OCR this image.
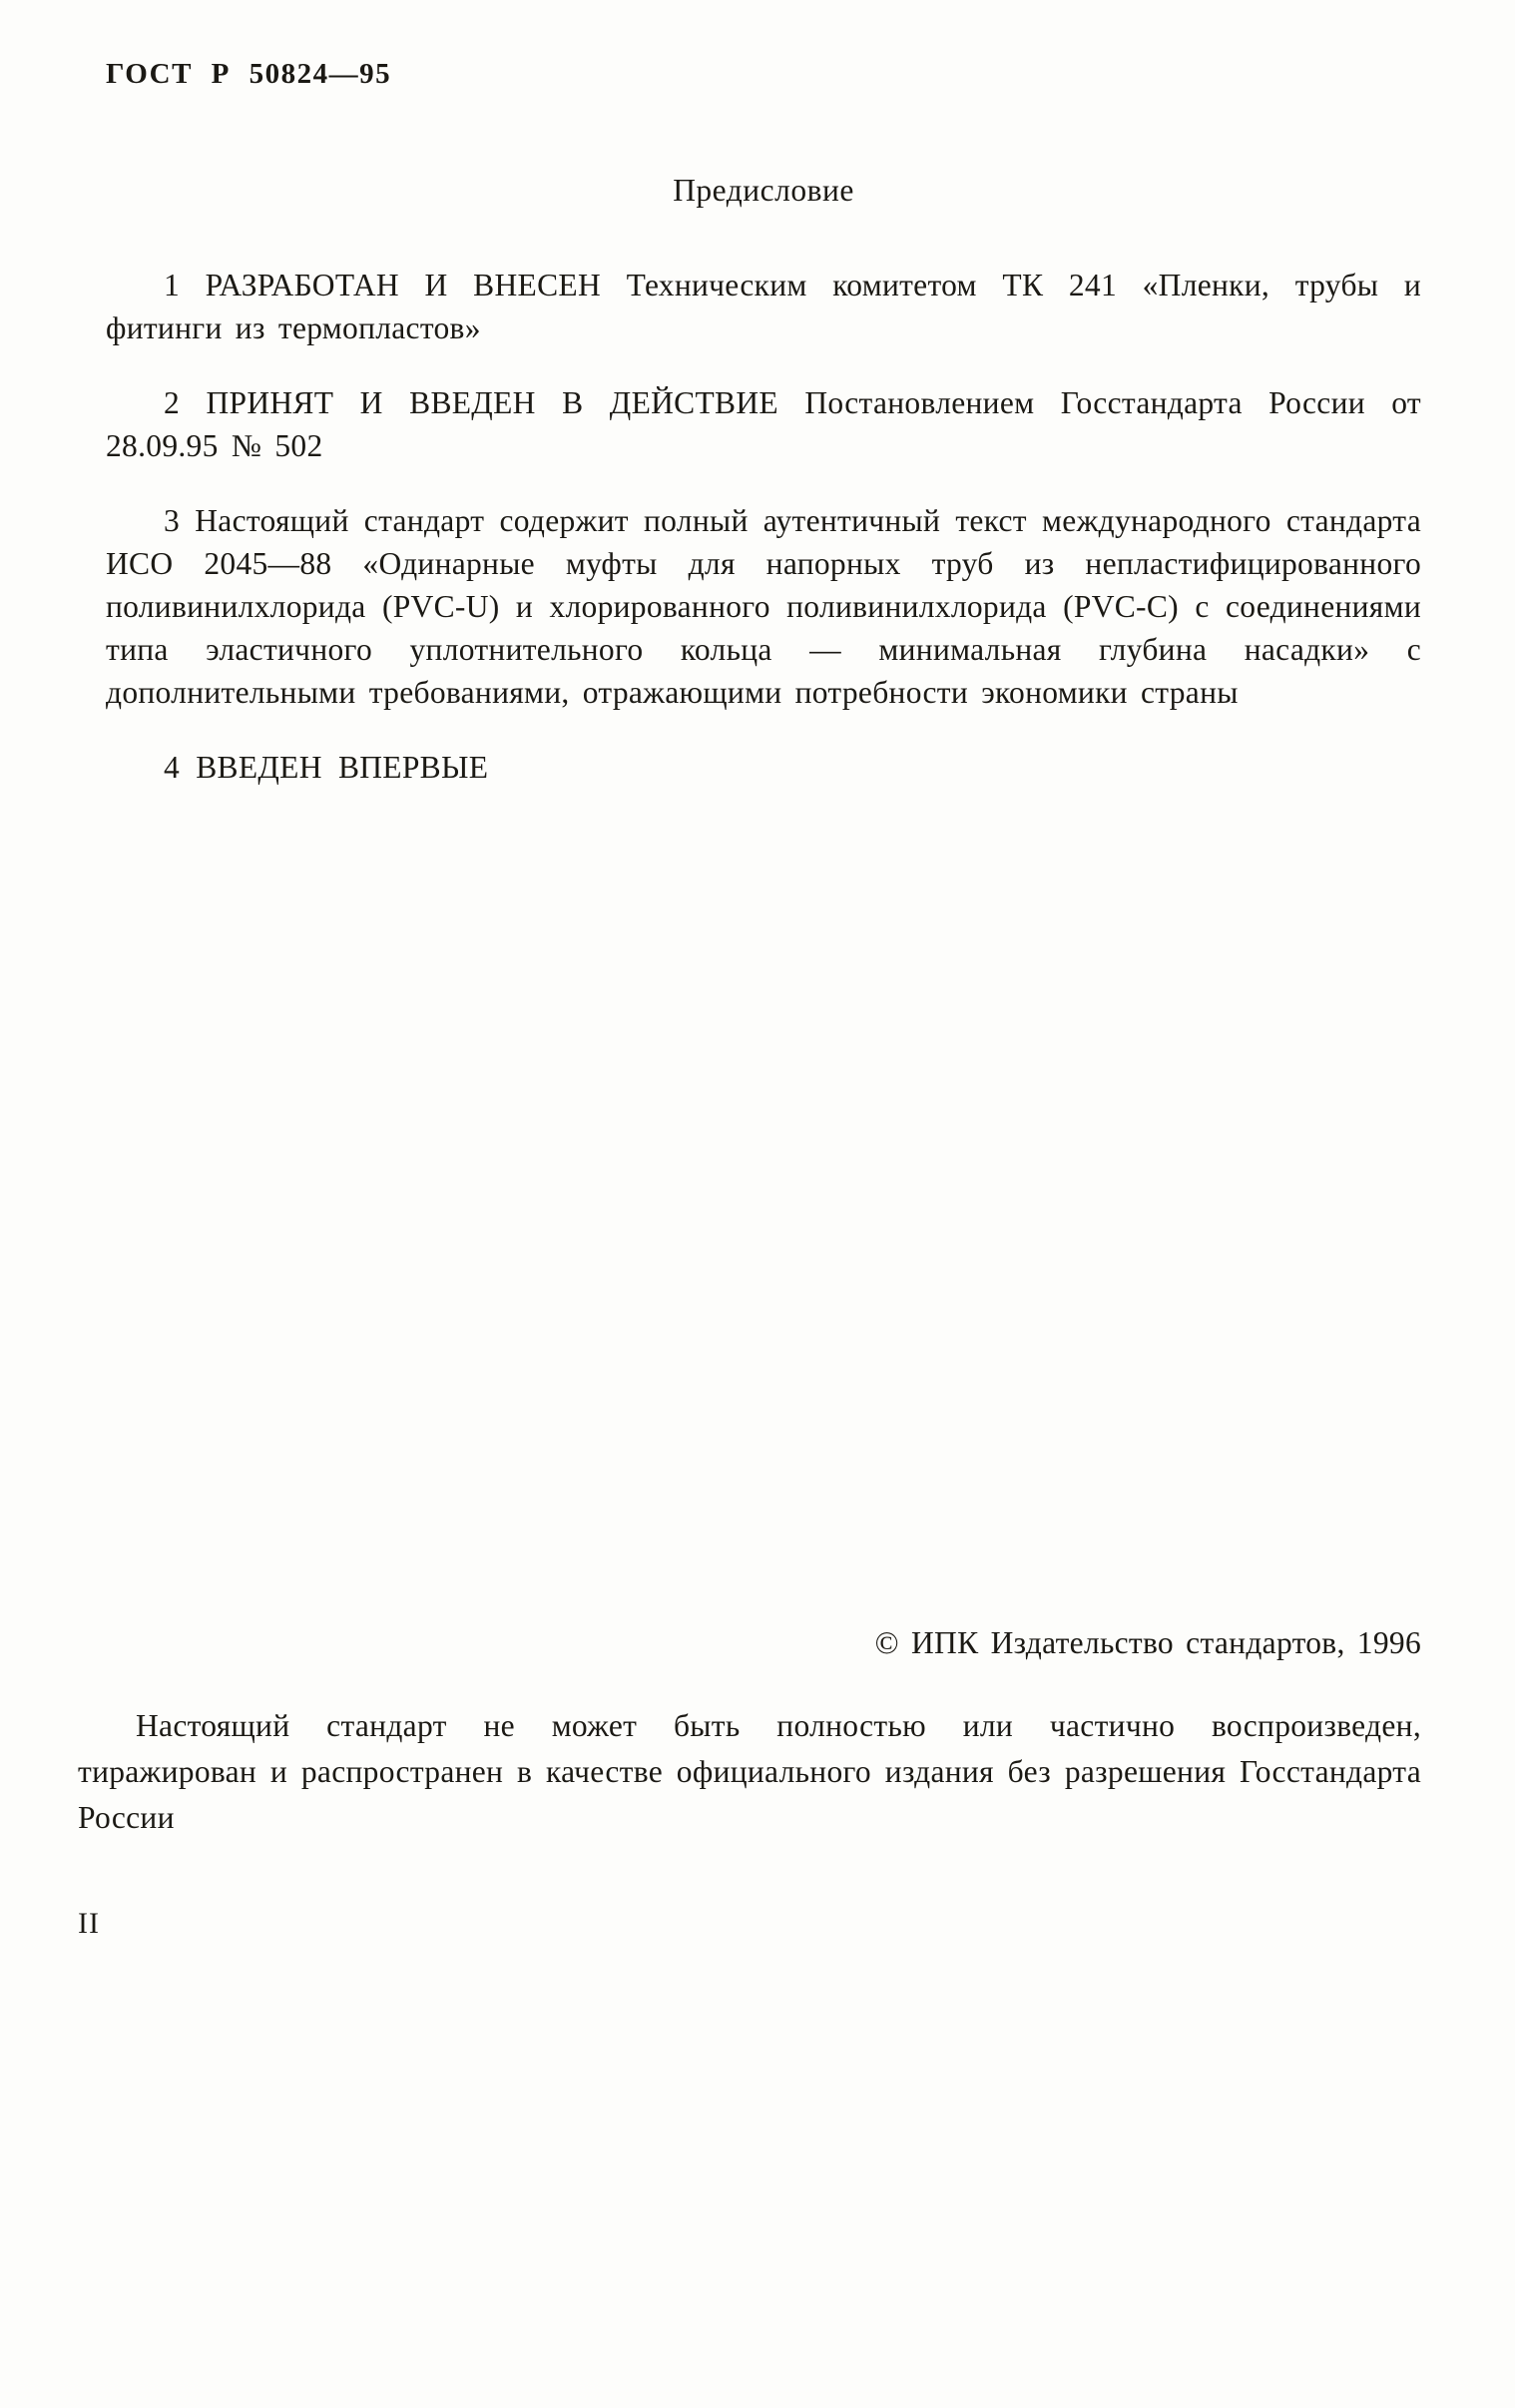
ГОСТ Р 50824—95
Предисловие

1 РАЗРАБОТАН И ВНЕСЕН Техническим комитетом ТК 241 «Пленки, трубы и фитинги из термопластов»

2 ПРИНЯТ И ВВЕДЕН В ДЕЙСТВИЕ Постановлением Госстандарта России от 28.09.95 № 502

3 Настоящий стандарт содержит полный аутентичный текст международного стандарта ИСО 2045—88 «Одинарные муфты для напорных труб из непластифицированного поливинилхлорида (PVC-U) и хлорированного поливинилхлорида (PVC-C) с соединениями типа эластичного уплотнительного кольца — минимальная глубина насадки» с дополнительными требованиями, отражающими потребности экономики страны

4 ВВЕДЕН ВПЕРВЫЕ

© ИПК Издательство стандартов, 1996

Настоящий стандарт не может быть полностью или частично воспроизведен, тиражирован и распространен в качестве официального издания без разрешения Госстандарта России

II
